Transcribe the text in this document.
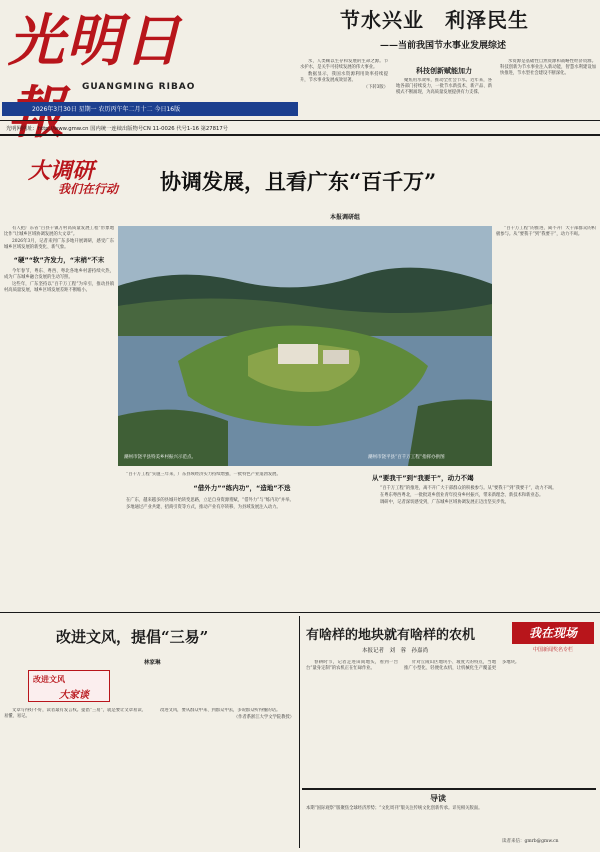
光明日
GUANGMING RIBAO
2026年3月30日 星期一 农历丙午年二月十二 今日16版
光明网网址：http://www.gmw.cn 国内统一连续出版物号CN 11-0026 代号1-16 第27817号
节水兴业　利泽民生
——当前我国节水事业发展综述

水，人类赖以生存和发展的生命之源。节水护水，是关乎可持续发展的伟大事业。

数据显示，我国水资源利用效率持续提升，节水事业发展成效显著。

（下转3版）

科技创新赋能加力

聚焦用水效率，推动全社会节水。近年来，各地各部门持续发力，一批节水新技术、新产品、新模式不断涌现，为高质量发展提供有力支撑。

水资源是基础性自然资源和战略性经济资源。科技创新为节水事业注入新动能，智慧水利建设加快推进，节水型社会建设不断深化。

大调研
我们在行动 协调发展，且看广东“百千万”
本报调研组

有人把广东省“百县千镇万村高质量发展工程”形象地比作“让城乡区域协调发展的大文章”。

2026年3月，记者来到广东多地开展调研，感受广东城乡区域发展的新变化、新气象。

“硬”“软”齐发力，“末梢”不末

今年春节，粤东、粤西、粤北各地乡村游持续火热，成为广东城乡融合发展的生动写照。

这些年，广东坚持以“百千万工程”为牵引，推动县镇村高质量发展，城乡区域发展差距不断缩小。

潮州市饶平县特美乡村振兴示范点。	潮州市饶平县“百千万工程”指挥办供图

“百千万工程”实施三年来，广东县域经济实力持续增强，一批特色产业蓬勃发展。

“借外力”“练内功”，“造地”不迭

在广东，越来越多的县城开始转变思路，立足自身资源禀赋，“借外力”与“练内功”并举。

多地通过产业共建、招商引资等方式，推动产业有序转移，为县域发展注入动力。

从“要我干”到“我要干”，动力不竭

“百千万工程”的推进，离不开广大干部群众的积极参与。从“要我干”到“我要干”，动力不竭。

在粤东粤西粤北，一批批返乡创业青年投身乡村振兴，带来新理念、新技术和新业态。

调研中，记者深切感受到，广东城乡区域协调发展正迈出坚实步伐。

“百千万工程”的推进，离不开广大干部群众的积极参与。从“要我干”到“我要干”，动力不竭。

改进文风，提倡“三易”
林家琳
改进文风
大家谈

文章写得好不好，读者最有发言权。提倡“三易”，就是要让文章易读、易懂、易记。

改进文风，要从群众中来、到群众中去，多说群众听得懂的话。

（作者系浙江大学文学院教授）

有啥样的地块就有啥样的农机
本报记者　刘　蓉　孙嘉尚
我在现场
中国新闻奖名专栏

春耕时节，记者走进田间地头，看到一台台“量身定制”的农机正在忙碌作业。

针对丘陵山区地块小、坡度大的特点，当地推广小型化、轻便化农机，让机械化生产覆盖更多地块。

导读
本期“国际观察”版聚焦全球经济形势；“文化周刊”版关注传统文化创新传承。详见相关版面。
读者来信：gmrb@gmw.cn
